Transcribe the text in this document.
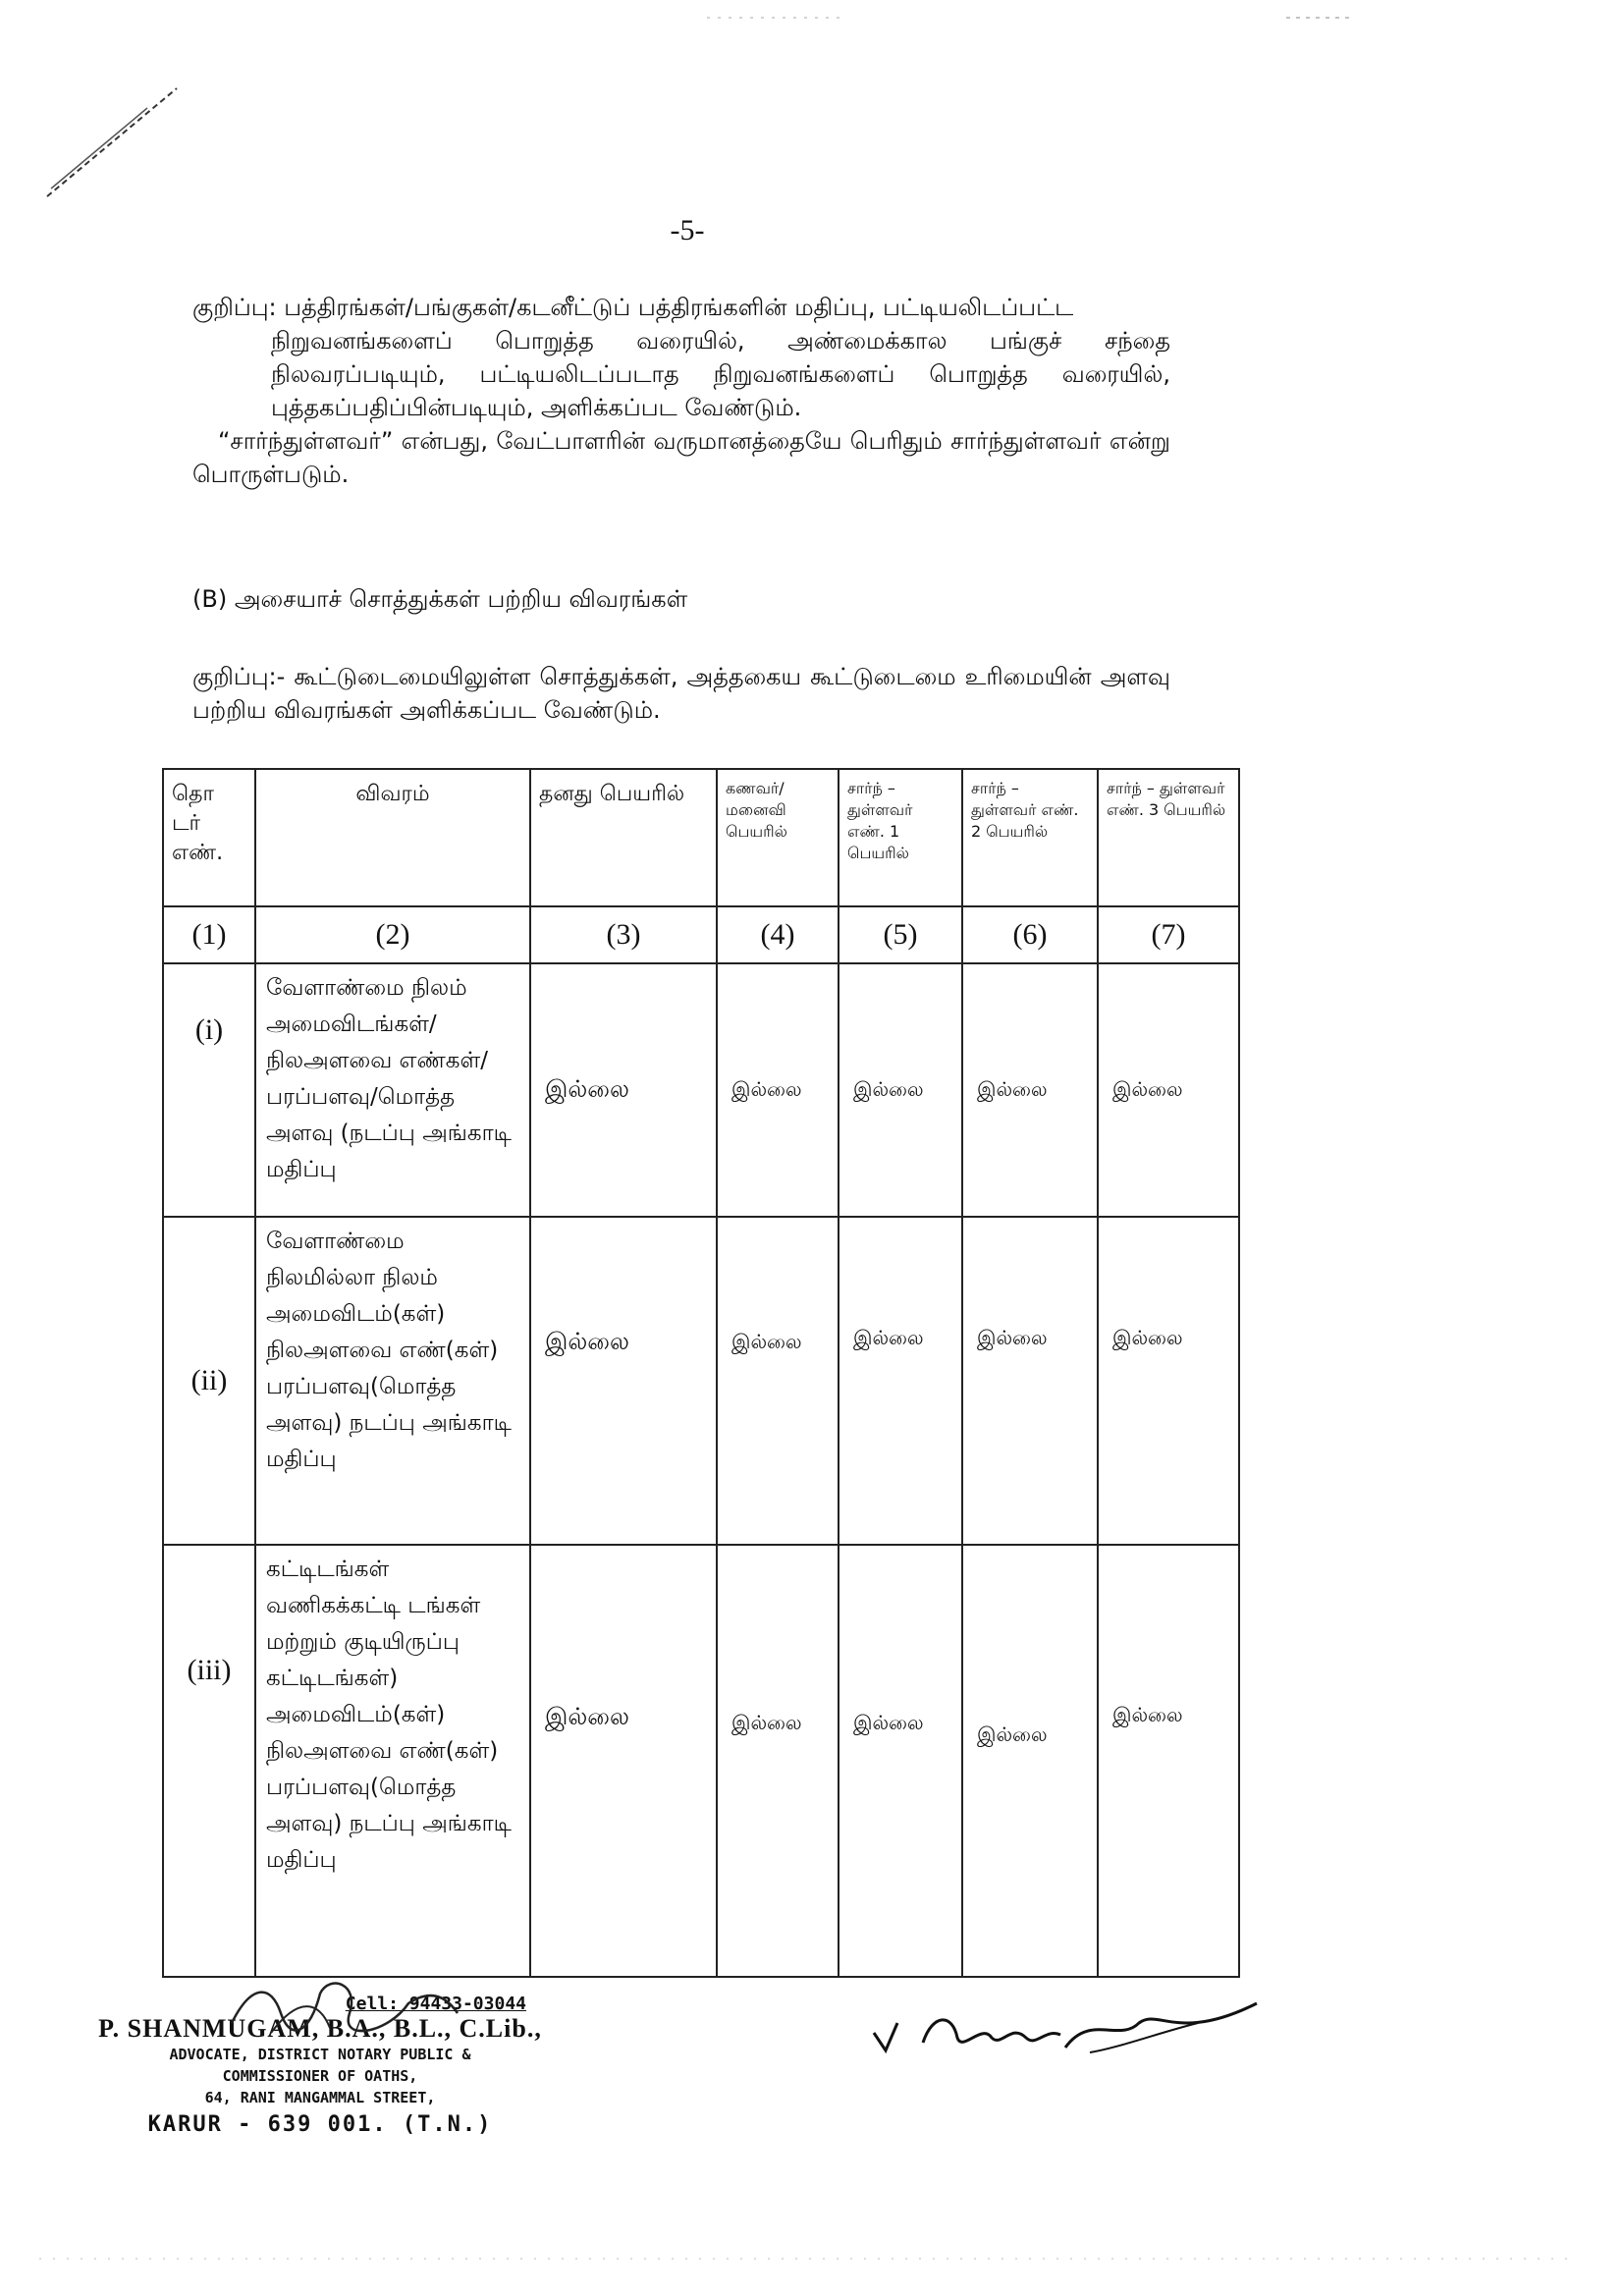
-5-

குறிப்பு: பத்திரங்கள்/பங்குகள்/கடனீட்டுப் பத்திரங்களின் மதிப்பு, பட்டியலிடப்பட்ட

நிறுவனங்களைப் பொறுத்த வரையில், அண்மைக்கால பங்குச் சந்தை

நிலவரப்படியும், பட்டியலிடப்படாத நிறுவனங்களைப் பொறுத்த வரையில்,

புத்தகப்பதிப்பின்படியும், அளிக்கப்பட வேண்டும்.

“சார்ந்துள்ளவர்” என்பது, வேட்பாளரின் வருமானத்தையே பெரிதும் சார்ந்துள்ளவர் என்று பொருள்படும்.

(B) அசையாச் சொத்துக்கள் பற்றிய விவரங்கள்
குறிப்பு:- கூட்டுடைமையிலுள்ள சொத்துக்கள், அத்தகைய கூட்டுடைமை உரிமையின் அளவு பற்றிய விவரங்கள் அளிக்கப்பட வேண்டும்.
தொ டர் எண்.	விவரம்	தனது பெயரில்	கணவர்/ மனைவி பெயரில்	சார்ந் – துள்ளவர் எண். 1 பெயரில்	சார்ந் – துள்ளவர் எண். 2 பெயரில்	சார்ந் – துள்ளவர் எண். 3 பெயரில்
(1)	(2)	(3)	(4)	(5)	(6)	(7)
(i)	வேளாண்மை நிலம் அமைவிடங்கள்/ நிலஅளவை எண்கள்/ பரப்பளவு/மொத்த அளவு (நடப்பு அங்காடி மதிப்பு	இல்லை	இல்லை	இல்லை	இல்லை	இல்லை
(ii)	வேளாண்மை நிலமில்லா நிலம் அமைவிடம்(கள்) நிலஅளவை எண்(கள்) பரப்பளவு(மொத்த அளவு) நடப்பு அங்காடி மதிப்பு	இல்லை	இல்லை	இல்லை	இல்லை	இல்லை
(iii)	கட்டிடங்கள் வணிகக்கட்டி டங்கள் மற்றும் குடியிருப்பு கட்டிடங்கள்) அமைவிடம்(கள்) நிலஅளவை எண்(கள்) பரப்பளவு(மொத்த அளவு) நடப்பு அங்காடி மதிப்பு	இல்லை	இல்லை	இல்லை	இல்லை	இல்லை
Cell: 94433-03044
P. SHANMUGAM, B.A., B.L., C.Lib.,
ADVOCATE, DISTRICT NOTARY PUBLIC &
COMMISSIONER OF OATHS,
64, RANI MANGAMMAL STREET,
KARUR - 639 001. (T.N.)
